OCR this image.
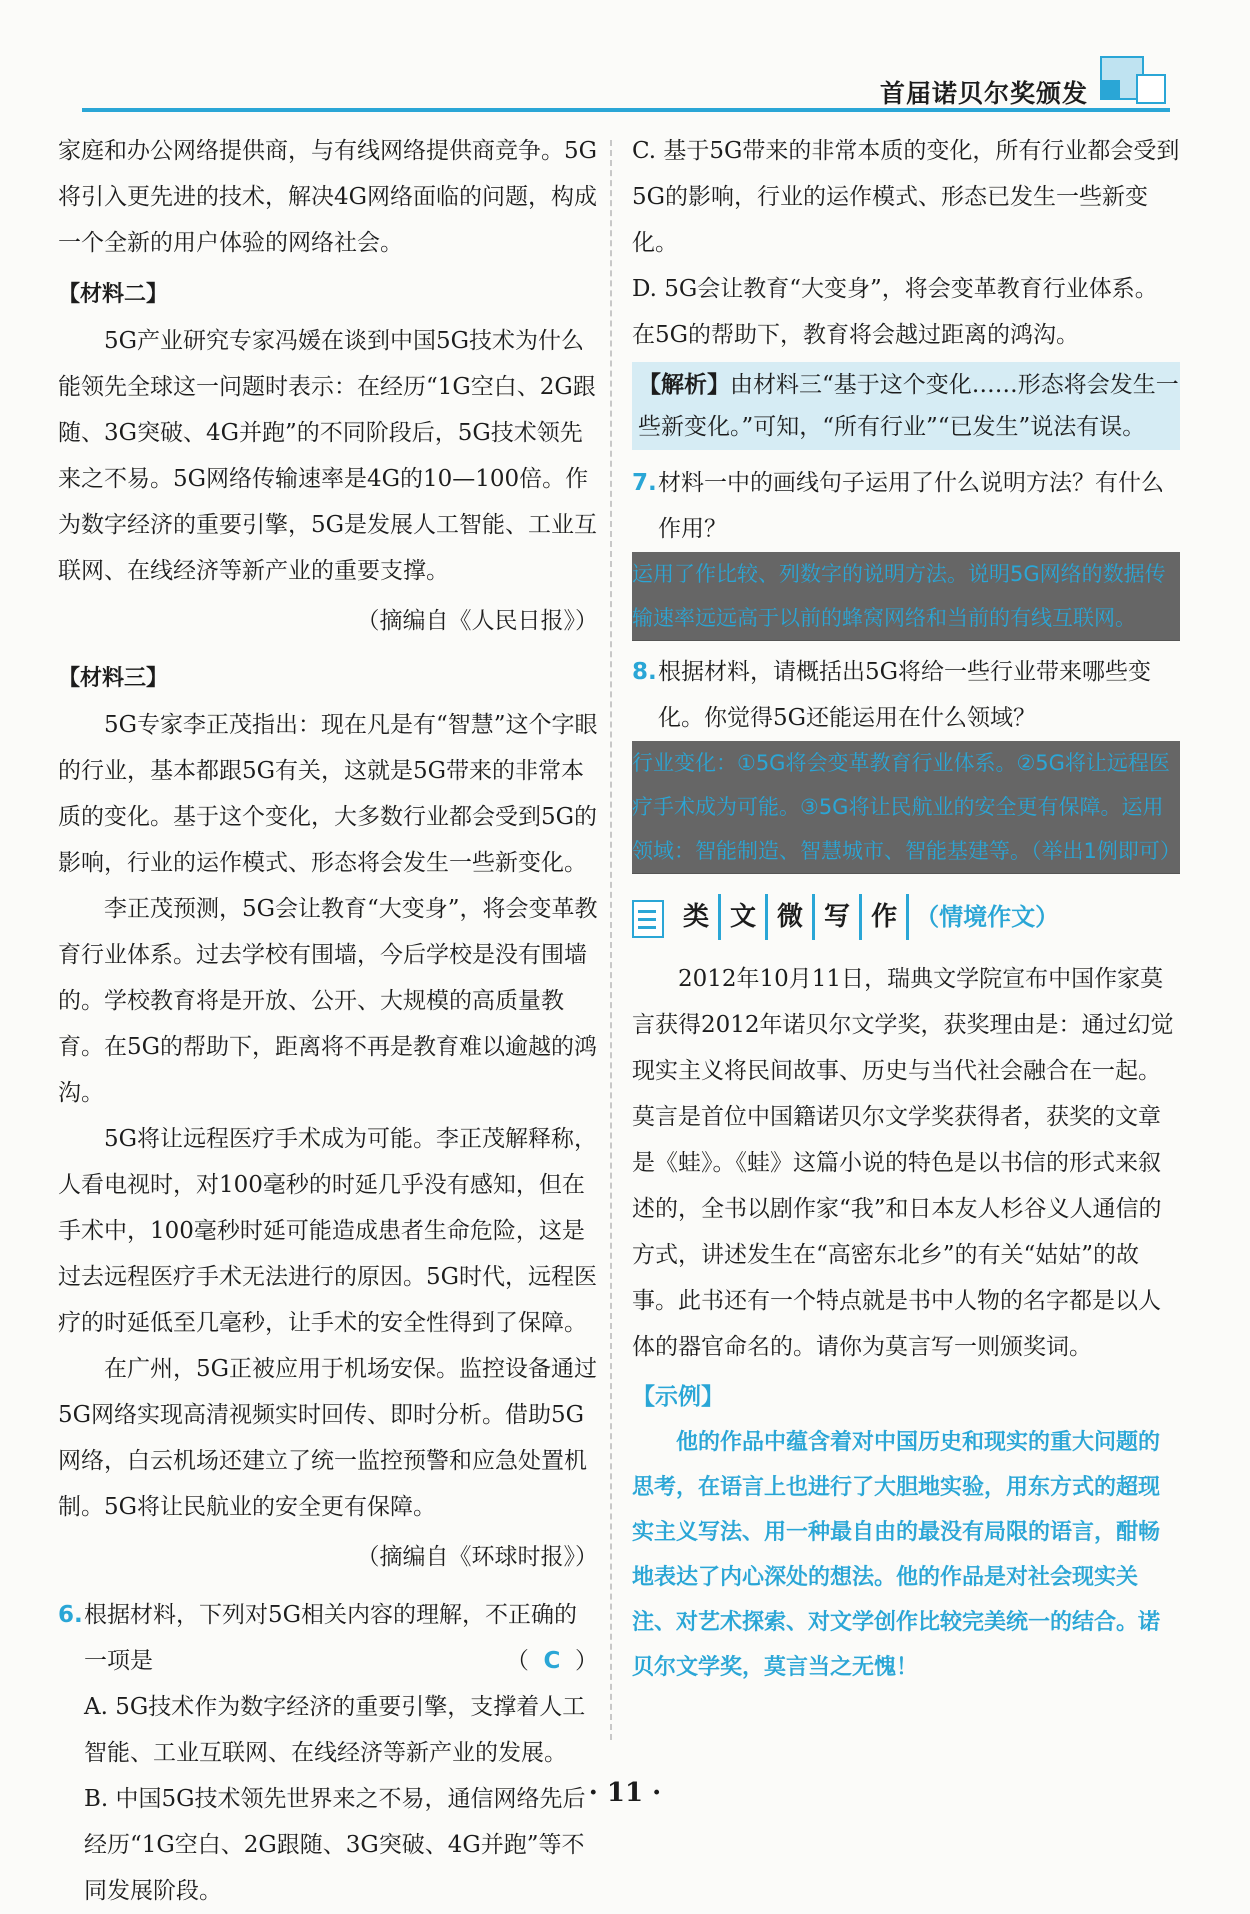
首届诺贝尔奖颁发

家庭和办公网络提供商，与有线网络提供商竞争。5G将引入更先进的技术，解决4G网络面临的问题，构成一个全新的用户体验的网络社会。

【材料二】

5G产业研究专家冯媛在谈到中国5G技术为什么能领先全球这一问题时表示：在经历“1G空白、2G跟随、3G突破、4G并跑”的不同阶段后，5G技术领先来之不易。5G网络传输速率是4G的10—100倍。作为数字经济的重要引擎，5G是发展人工智能、工业互联网、在线经济等新产业的重要支撑。

（摘编自《人民日报》）

【材料三】

5G专家李正茂指出：现在凡是有“智慧”这个字眼的行业，基本都跟5G有关，这就是5G带来的非常本质的变化。基于这个变化，大多数行业都会受到5G的影响，行业的运作模式、形态将会发生一些新变化。

李正茂预测，5G会让教育“大变身”，将会变革教育行业体系。过去学校有围墙，今后学校是没有围墙的。学校教育将是开放、公开、大规模的高质量教育。在5G的帮助下，距离将不再是教育难以逾越的鸿沟。

5G将让远程医疗手术成为可能。李正茂解释称，人看电视时，对100毫秒的时延几乎没有感知，但在手术中，100毫秒时延可能造成患者生命危险，这是过去远程医疗手术无法进行的原因。5G时代，远程医疗的时延低至几毫秒，让手术的安全性得到了保障。

在广州，5G正被应用于机场安保。监控设备通过5G网络实现高清视频实时回传、即时分析。借助5G网络，白云机场还建立了统一监控预警和应急处置机制。5G将让民航业的安全更有保障。

（摘编自《环球时报》）

6. 根据材料，下列对5G相关内容的理解，不正确的一项是	（ C ）

A. 5G技术作为数字经济的重要引擎，支撑着人工智能、工业互联网、在线经济等新产业的发展。

B. 中国5G技术领先世界来之不易，通信网络先后经历“1G空白、2G跟随、3G突破、4G并跑”等不同发展阶段。

C. 基于5G带来的非常本质的变化，所有行业都会受到5G的影响，行业的运作模式、形态已发生一些新变化。

D. 5G会让教育“大变身”，将会变革教育行业体系。在5G的帮助下，教育将会越过距离的鸿沟。

【解析】由材料三“基于这个变化……形态将会发生一些新变化。”可知，“所有行业”“已发生”说法有误。
7. 材料一中的画线句子运用了什么说明方法？有什么作用？

运用了作比较、列数字的说明方法。说明5G网络的数据传输速率远远高于以前的蜂窝网络和当前的有线互联网。

8. 根据材料，请概括出5G将给一些行业带来哪些变化。你觉得5G还能运用在什么领域？

行业变化：①5G将会变革教育行业体系。②5G将让远程医疗手术成为可能。③5G将让民航业的安全更有保障。运用领域：智能制造、智慧城市、智能基建等。（举出1例即可）

类 文 微 写 作 （情境作文）

2012年10月11日，瑞典文学院宣布中国作家莫言获得2012年诺贝尔文学奖，获奖理由是：通过幻觉现实主义将民间故事、历史与当代社会融合在一起。莫言是首位中国籍诺贝尔文学奖获得者，获奖的文章是《蛙》。《蛙》这篇小说的特色是以书信的形式来叙述的，全书以剧作家“我”和日本友人杉谷义人通信的方式，讲述发生在“高密东北乡”的有关“姑姑”的故事。此书还有一个特点就是书中人物的名字都是以人体的器官命名的。请你为莫言写一则颁奖词。

【示例】

他的作品中蕴含着对中国历史和现实的重大问题的思考，在语言上也进行了大胆地实验，用东方式的超现实主义写法、用一种最自由的最没有局限的语言，酣畅地表达了内心深处的想法。他的作品是对社会现实关注、对艺术探索、对文学创作比较完美统一的结合。诺贝尔文学奖，莫言当之无愧！

· 11 ·
